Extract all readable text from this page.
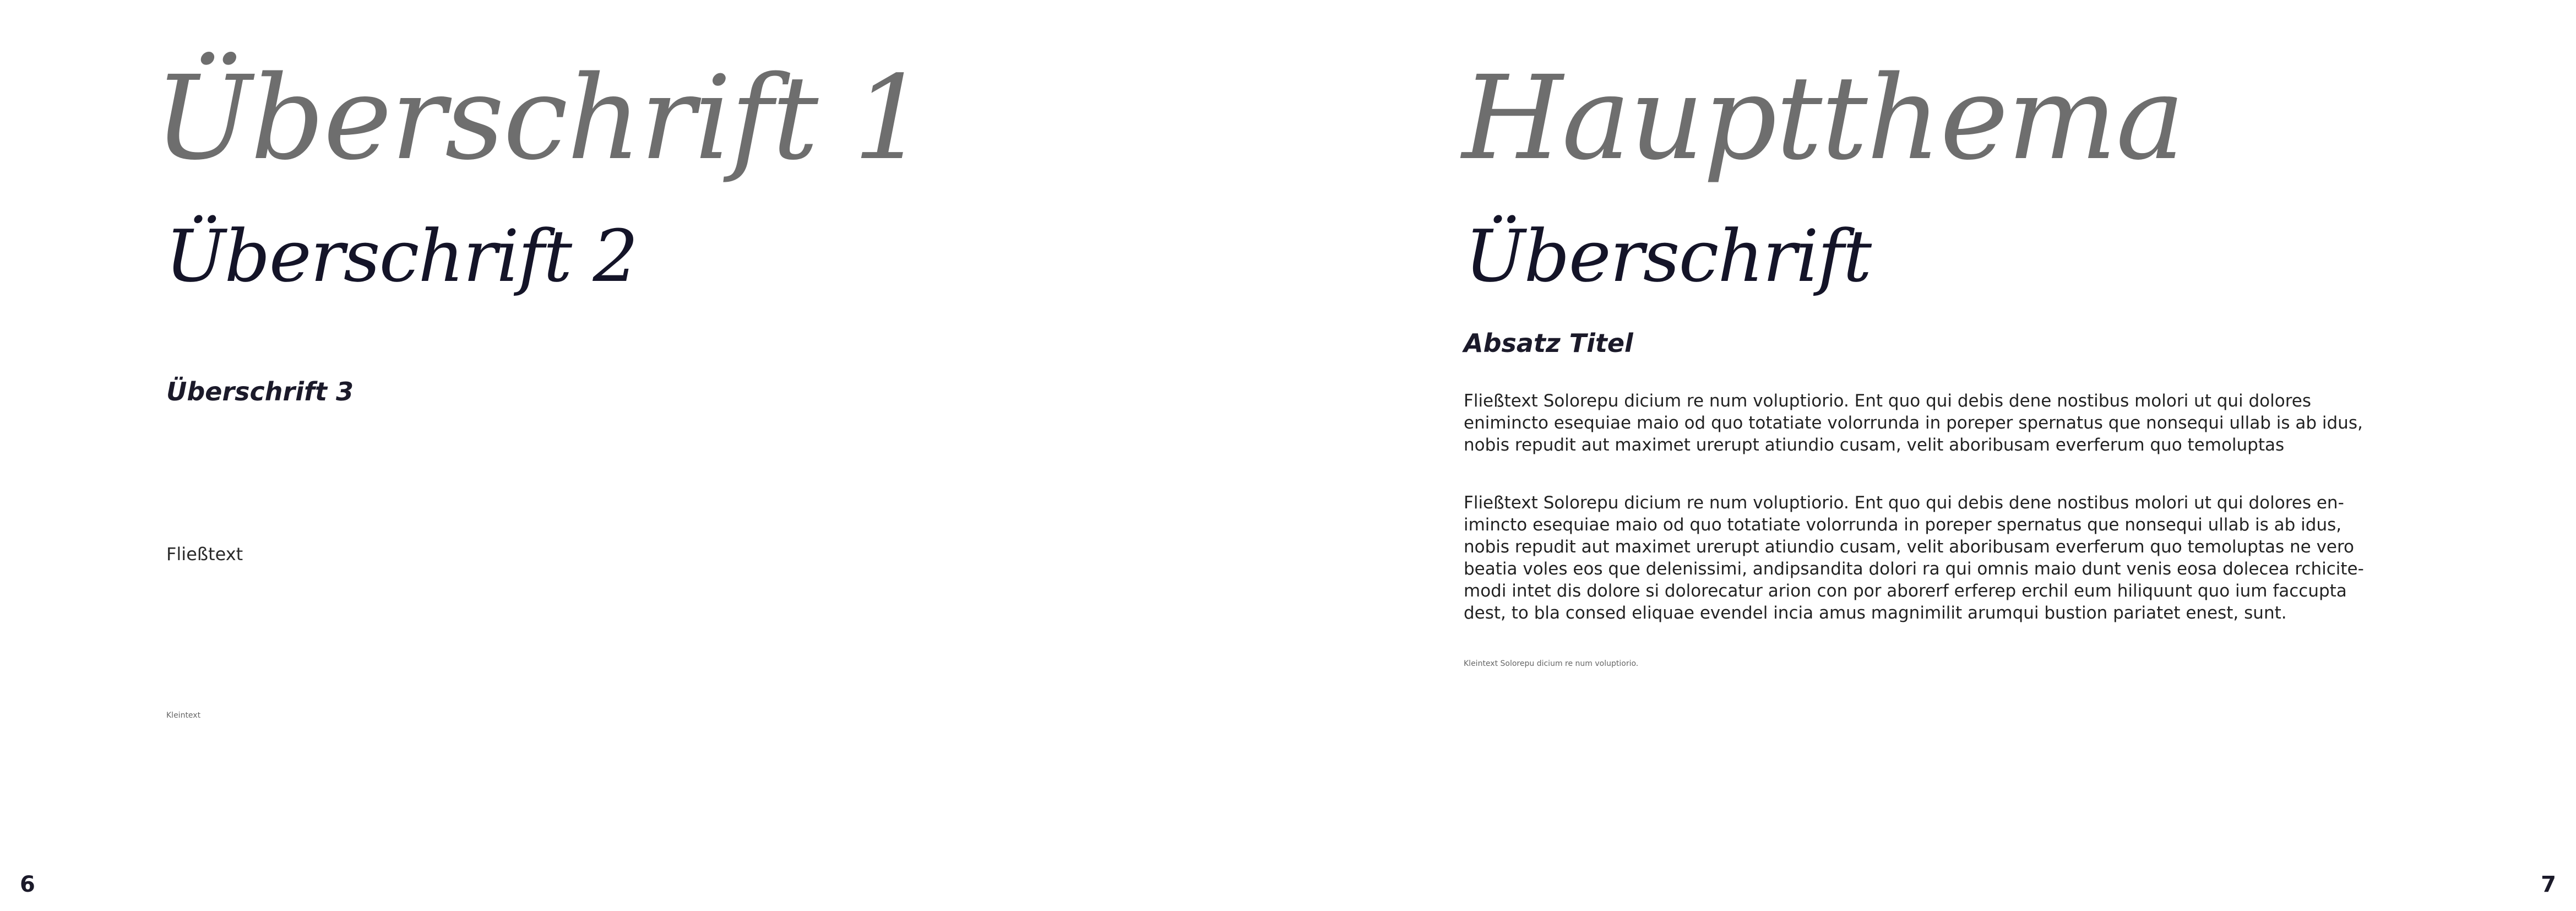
Überschrift 1
Überschrift 2
Überschrift 3

Fließtext

Kleintext

6
Hauptthema
Überschrift
Absatz Titel

Fließtext Solorepu dicium re num voluptiorio. Ent quo qui debis dene nostibus molori ut qui dolores enimincto esequiae maio od quo totatiate volorrunda in poreper spernatus que nonsequi ullab is ab idus, nobis repudit aut maximet urerupt atiundio cusam, velit aboribusam everferum quo temoluptas

Fließtext Solorepu dicium re num voluptiorio. Ent quo qui debis dene nostibus molori ut qui dolores en-imincto esequiae maio od quo totatiate volorrunda in poreper spernatus que nonsequi ullab is ab idus, nobis repudit aut maximet urerupt atiundio cusam, velit aboribusam everferum quo temoluptas ne vero beatia voles eos que delenissimi, andipsandita dolori ra qui omnis maio dunt venis eosa dolecea rchicite-modi intet dis dolore si dolorecatur arion con por aborerf erferep erchil eum hiliquunt quo ium faccupta dest, to bla consed eliquae evendel incia amus magnimilit arumqui bustion pariatet enest, sunt.

Kleintext Solorepu dicium re num voluptiorio.

7
